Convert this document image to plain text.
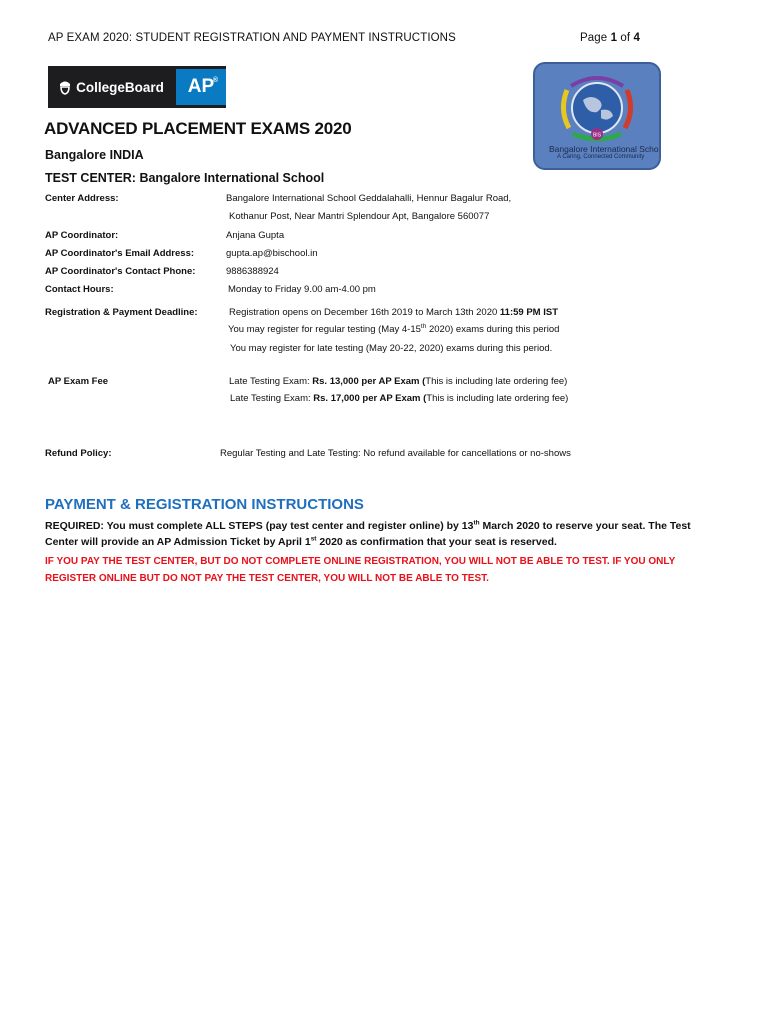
AP EXAM 2020: STUDENT REGISTRATION AND PAYMENT INSTRUCTIONS	Page 1 of 4
CollegeBoard AP
®
BIS
Bangalore International Scho
A Caring, Connected Community
ADVANCED PLACEMENT EXAMS 2020
Bangalore INDIA
TEST CENTER: Bangalore International School
Center Address:	Bangalore International School Geddalahalli, Hennur Bagalur Road,
Kothanur Post, Near Mantri Splendour Apt, Bangalore 560077
AP Coordinator:	Anjana Gupta
AP Coordinator's Email Address:	gupta.ap@bischool.in
AP Coordinator's Contact Phone:	9886388924
Contact Hours:	Monday to Friday 9.00 am-4.00 pm
Registration & Payment Deadline:	Registration opens on December 16th 2019 to March 13th 2020 11:59 PM IST
You may register for regular testing (May 4-15th 2020) exams during this period
You may register for late testing (May 20-22, 2020) exams during this period.
AP Exam Fee	Late Testing Exam: Rs. 13,000 per AP Exam (This is including late ordering fee)
Late Testing Exam: Rs. 17,000 per AP Exam (This is including late ordering fee)
Refund Policy:	Regular Testing and Late Testing: No refund available for cancellations or no-shows
PAYMENT & REGISTRATION INSTRUCTIONS
REQUIRED: You must complete ALL STEPS (pay test center and register online) by 13th March 2020 to reserve your seat. The Test
Center will provide an AP Admission Ticket by April 1st 2020 as confirmation that your seat is reserved.
IF YOU PAY THE TEST CENTER, BUT DO NOT COMPLETE ONLINE REGISTRATION, YOU WILL NOT BE ABLE TO TEST. IF YOU ONLY
REGISTER ONLINE BUT DO NOT PAY THE TEST CENTER, YOU WILL NOT BE ABLE TO TEST.
